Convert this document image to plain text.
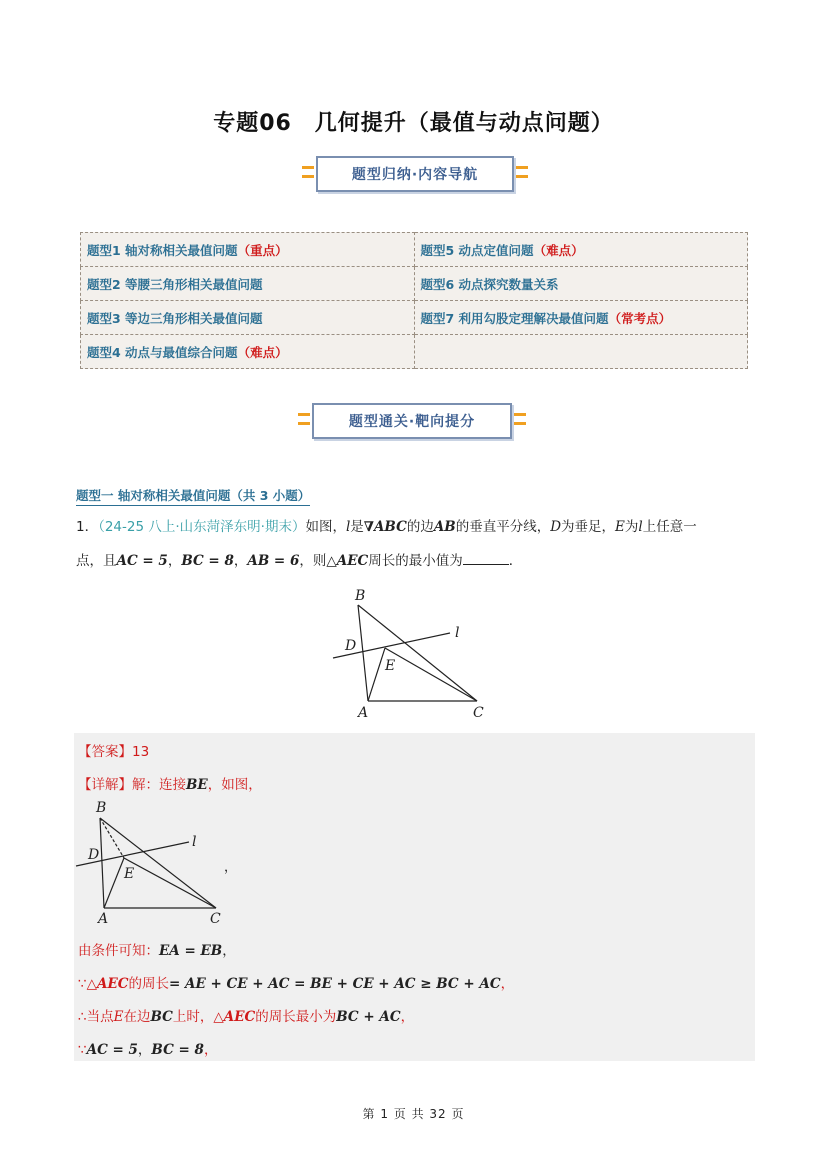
专题06　几何提升（最值与动点问题）
题型归纳·内容导航
题型1 轴对称相关最值问题（重点）	题型5 动点定值问题（难点）
题型2 等腰三角形相关最值问题	题型6 动点探究数量关系
题型3 等边三角形相关最值问题	题型7 利用勾股定理解决最值问题（常考点）
题型4 动点与最值综合问题（难点）	
题型通关·靶向提分
题型一 轴对称相关最值问题（共 3 小题）
1．（24-25 八上·山东菏泽东明·期末）如图，l是∇ABC的边AB的垂直平分线，D为垂足，E为l上任意一
点，且AC = 5，BC = 8，AB = 6，则△AEC周长的最小值为	．
B
D
l
E
A	C
【答案】13
【详解】解：连接BE，如图，
B
D
l
E
A	C
，
由条件可知：EA = EB，
∵△AEC的周长= AE + CE + AC = BE + CE + AC ≥ BC + AC，
∴当点E在边BC上时，△AEC的周长最小为BC + AC，
∵AC = 5，BC = 8，
第 1 页 共 32 页
